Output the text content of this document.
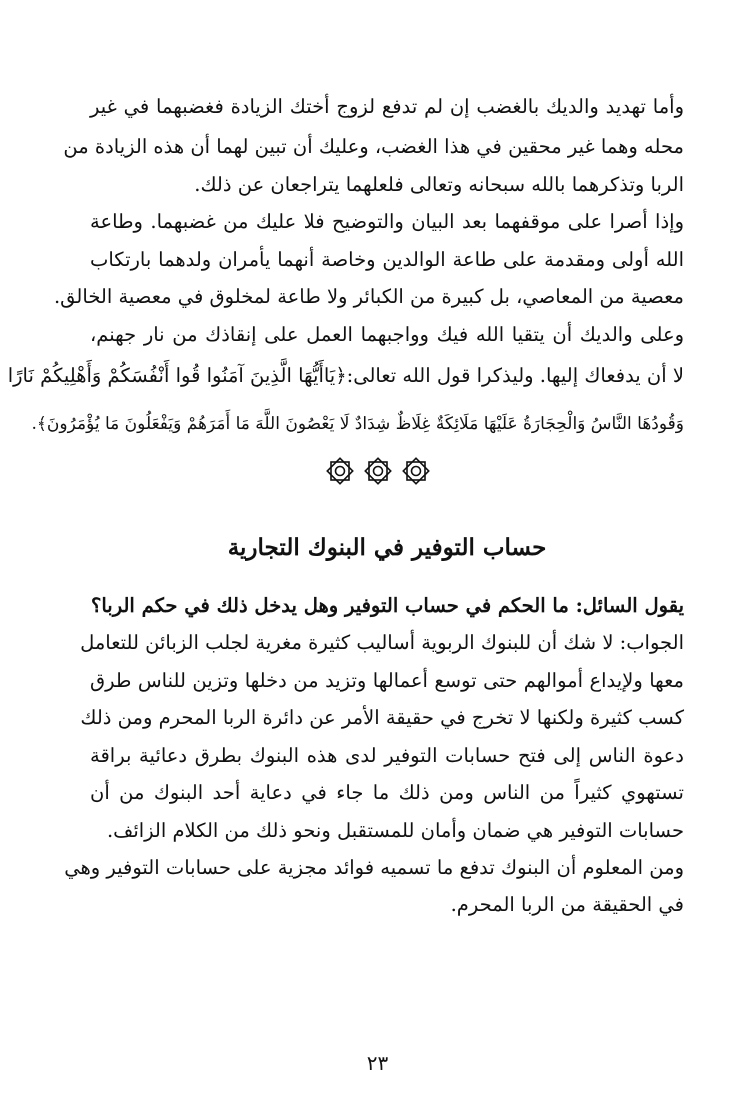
وأما تهديد والديك بالغضب إن لم تدفع لزوج أختك الزيادة فغضبهما في غير
محله وهما غير محقين في هذا الغضب، وعليك أن تبين لهما أن هذه الزيادة من
الربا وتذكرهما بالله سبحانه وتعالى فلعلهما يتراجعان عن ذلك.
وإذا أصرا على موقفهما بعد البيان والتوضيح فلا عليك من غضبهما. وطاعة
الله أولى ومقدمة على طاعة الوالدين وخاصة أنهما يأمران ولدهما بارتكاب
معصية من المعاصي، بل كبيرة من الكبائر ولا طاعة لمخلوق في معصية الخالق.
وعلى والديك أن يتقيا الله فيك وواجبهما العمل على إنقاذك من نار جهنم،
لا أن يدفعاك إليها. وليذكرا قول الله تعالى:﴿يَاأَيُّهَا الَّذِينَ آمَنُوا قُوا أَنْفُسَكُمْ وَأَهْلِيكُمْ نَارًا
وَقُودُهَا النَّاسُ وَالْحِجَارَةُ عَلَيْهَا مَلَائِكَةٌ غِلَاظٌ شِدَادٌ لَا يَعْصُونَ اللَّهَ مَا أَمَرَهُمْ وَيَفْعَلُونَ مَا يُؤْمَرُونَ﴾.
حساب التوفير في البنوك التجارية
يقول السائل: ما الحكم في حساب التوفير وهل يدخل ذلك في حكم الربا؟
الجواب: لا شك أن للبنوك الربوية أساليب كثيرة مغرية لجلب الزبائن للتعامل
معها ولإيداع أموالهم حتى توسع أعمالها وتزيد من دخلها وتزين للناس طرق
كسب كثيرة ولكنها لا تخرج في حقيقة الأمر عن دائرة الربا المحرم ومن ذلك
دعوة الناس إلى فتح حسابات التوفير لدى هذه البنوك بطرق دعائية براقة
تستهوي كثيراً من الناس ومن ذلك ما جاء في دعاية أحد البنوك من أن
حسابات التوفير هي ضمان وأمان للمستقبل ونحو ذلك من الكلام الزائف.
ومن المعلوم أن البنوك تدفع ما تسميه فوائد مجزية على حسابات التوفير وهي
في الحقيقة من الربا المحرم.
٢٣
